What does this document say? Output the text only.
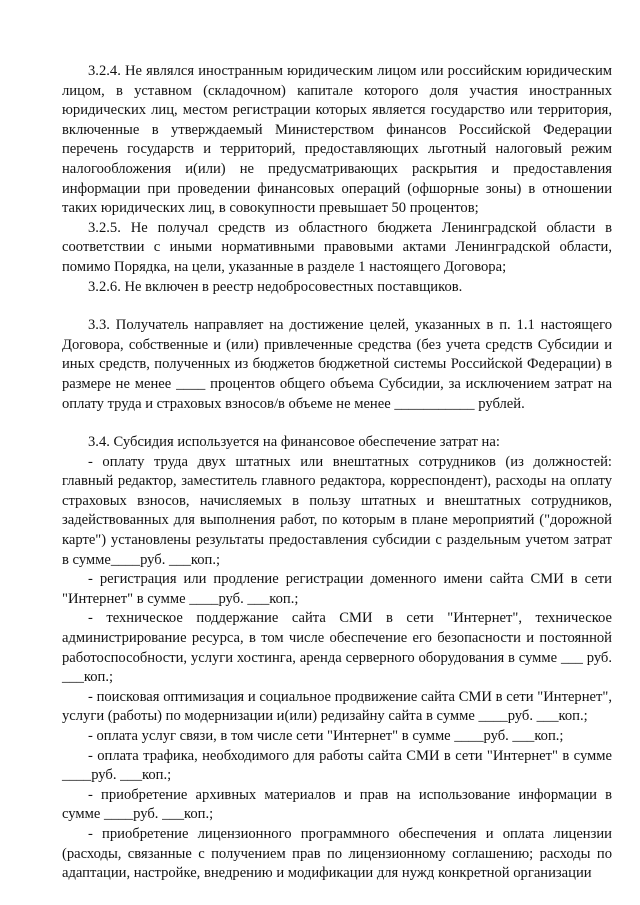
3.2.4. Не являлся иностранным юридическим лицом или российским юридическим лицом, в уставном (складочном) капитале которого доля участия иностранных юридических лиц, местом регистрации которых является государство или территория, включенные в утверждаемый Министерством финансов Российской Федерации перечень государств и территорий, предоставляющих льготный налоговый режим налогообложения и(или) не предусматривающих раскрытия и предоставления информации при проведении финансовых операций (офшорные зоны) в отношении таких юридических лиц, в совокупности превышает 50 процентов;

3.2.5. Не получал средств из областного бюджета Ленинградской области в соответствии с иными нормативными правовыми актами Ленинградской области, помимо Порядка, на цели, указанные в разделе 1 настоящего Договора;

3.2.6. Не включен в реестр недобросовестных поставщиков.

3.3. Получатель направляет на достижение целей, указанных в п. 1.1 настоящего Договора, собственные и (или) привлеченные средства (без учета средств Субсидии и иных средств, полученных из бюджетов бюджетной системы Российской Федерации) в размере не менее ____ процентов общего объема Субсидии, за исключением затрат на оплату труда и страховых взносов/в объеме не менее ___________ рублей.

3.4. Субсидия используется на финансовое обеспечение затрат на:

- оплату труда двух штатных или внештатных сотрудников (из должностей: главный редактор, заместитель главного редактора, корреспондент), расходы на оплату страховых взносов, начисляемых в пользу штатных и внештатных сотрудников, задействованных для выполнения работ, по которым в плане мероприятий ("дорожной карте") установлены результаты предоставления субсидии с раздельным учетом затрат в сумме____руб. ___коп.;

- регистрация или продление регистрации доменного имени сайта СМИ в сети "Интернет" в сумме ____руб. ___коп.;

- техническое поддержание сайта СМИ в сети "Интернет", техническое администрирование ресурса, в том числе обеспечение его безопасности и постоянной работоспособности, услуги хостинга, аренда серверного оборудования в сумме ___ руб. ___коп.;

- поисковая оптимизация и социальное продвижение сайта СМИ в сети "Интернет", услуги (работы) по модернизации и(или) редизайну сайта в сумме ____руб. ___коп.;

- оплата услуг связи, в том числе сети "Интернет" в сумме ____руб. ___коп.;

- оплата трафика, необходимого для работы сайта СМИ в сети "Интернет" в сумме ____руб. ___коп.;

- приобретение архивных материалов и прав на использование информации в сумме ____руб. ___коп.;

- приобретение лицензионного программного обеспечения и оплата лицензии (расходы, связанные с получением прав по лицензионному соглашению; расходы по адаптации, настройке, внедрению и модификации для нужд конкретной организации
